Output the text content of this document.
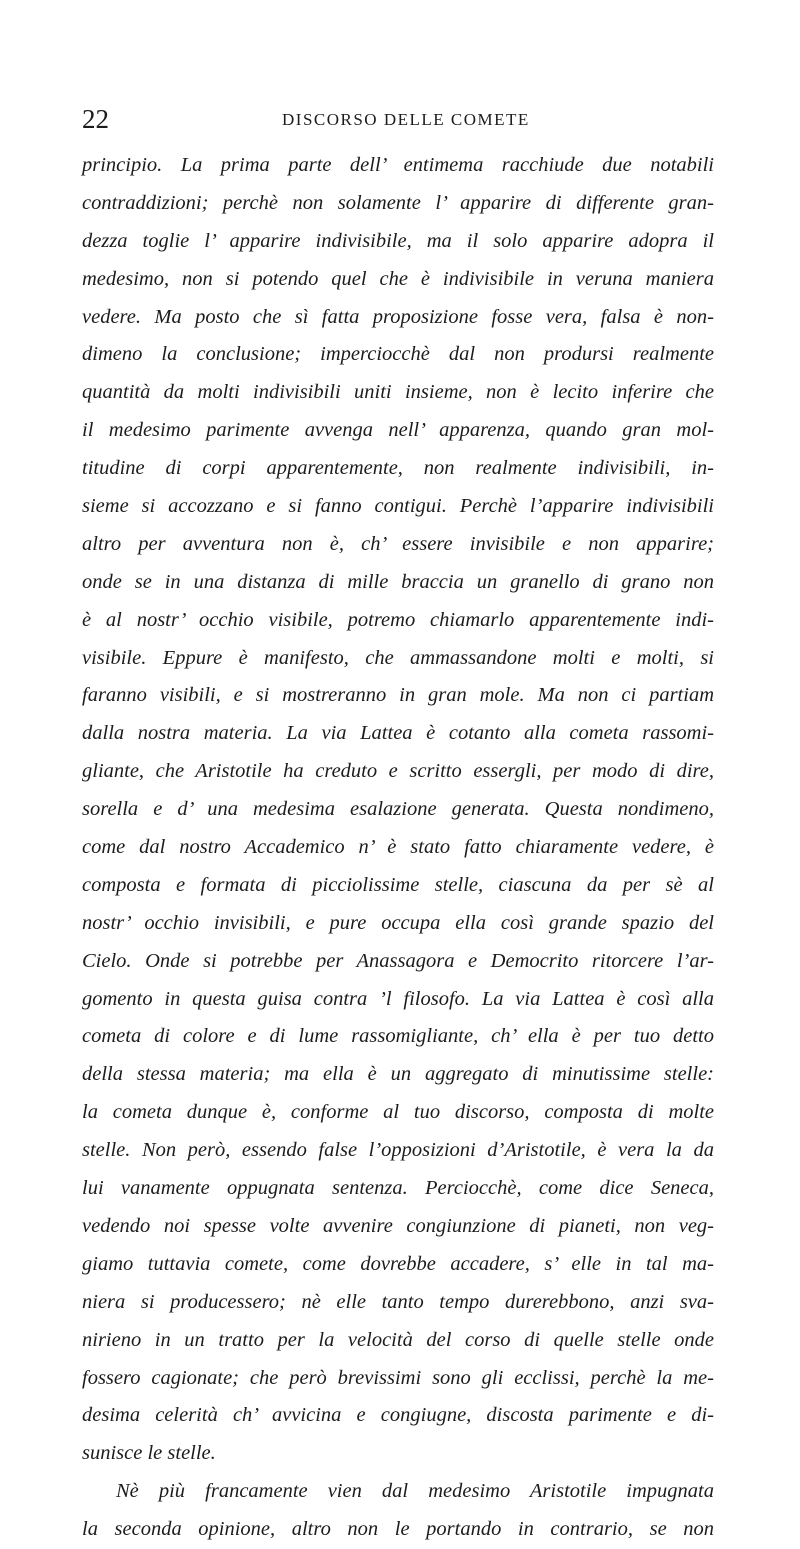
22	DISCORSO DELLE COMETE
principio. La prima parte dell’ entimema racchiude due notabili
contraddizioni; perchè non solamente l’ apparire di differente gran-
dezza toglie l’ apparire indivisibile, ma il solo apparire adopra il
medesimo, non si potendo quel che è indivisibile in veruna maniera
vedere. Ma posto che sì fatta proposizione fosse vera, falsa è non-
dimeno la conclusione; imperciocchè dal non prodursi realmente
quantità da molti indivisibili uniti insieme, non è lecito inferire che
il medesimo parimente avvenga nell’ apparenza, quando gran mol-
titudine di corpi apparentemente, non realmente indivisibili, in-
sieme si accozzano e si fanno contigui. Perchè l’apparire indivisibili
altro per avventura non è, ch’ essere invisibile e non apparire;
onde se in una distanza di mille braccia un granello di grano non
è al nostr’ occhio visibile, potremo chiamarlo apparentemente indi-
visibile. Eppure è manifesto, che ammassandone molti e molti, si
faranno visibili, e si mostreranno in gran mole. Ma non ci partiam
dalla nostra materia. La via Lattea è cotanto alla cometa rassomi-
gliante, che Aristotile ha creduto e scritto essergli, per modo di dire,
sorella e d’ una medesima esalazione generata. Questa nondimeno,
come dal nostro Accademico n’ è stato fatto chiaramente vedere, è
composta e formata di picciolissime stelle, ciascuna da per sè al
nostr’ occhio invisibili, e pure occupa ella così grande spazio del
Cielo. Onde si potrebbe per Anassagora e Democrito ritorcere l’ar-
gomento in questa guisa contra ’l filosofo. La via Lattea è così alla
cometa di colore e di lume rassomigliante, ch’ ella è per tuo detto
della stessa materia; ma ella è un aggregato di minutissime stelle:
la cometa dunque è, conforme al tuo discorso, composta di molte
stelle. Non però, essendo false l’opposizioni d’Aristotile, è vera la da
lui vanamente oppugnata sentenza. Perciocchè, come dice Seneca,
vedendo noi spesse volte avvenire congiunzione di pianeti, non veg-
giamo tuttavia comete, come dovrebbe accadere, s’ elle in tal ma-
niera si producessero; nè elle tanto tempo durerebbono, anzi sva-
nirieno in un tratto per la velocità del corso di quelle stelle onde
fossero cagionate; che però brevissimi sono gli ecclissi, perchè la me-
desima celerità ch’ avvicina e congiugne, discosta parimente e di-
sunisce le stelle.
Nè più francamente vien dal medesimo Aristotile impugnata
la seconda opinione, altro non le portando in contrario, se non
